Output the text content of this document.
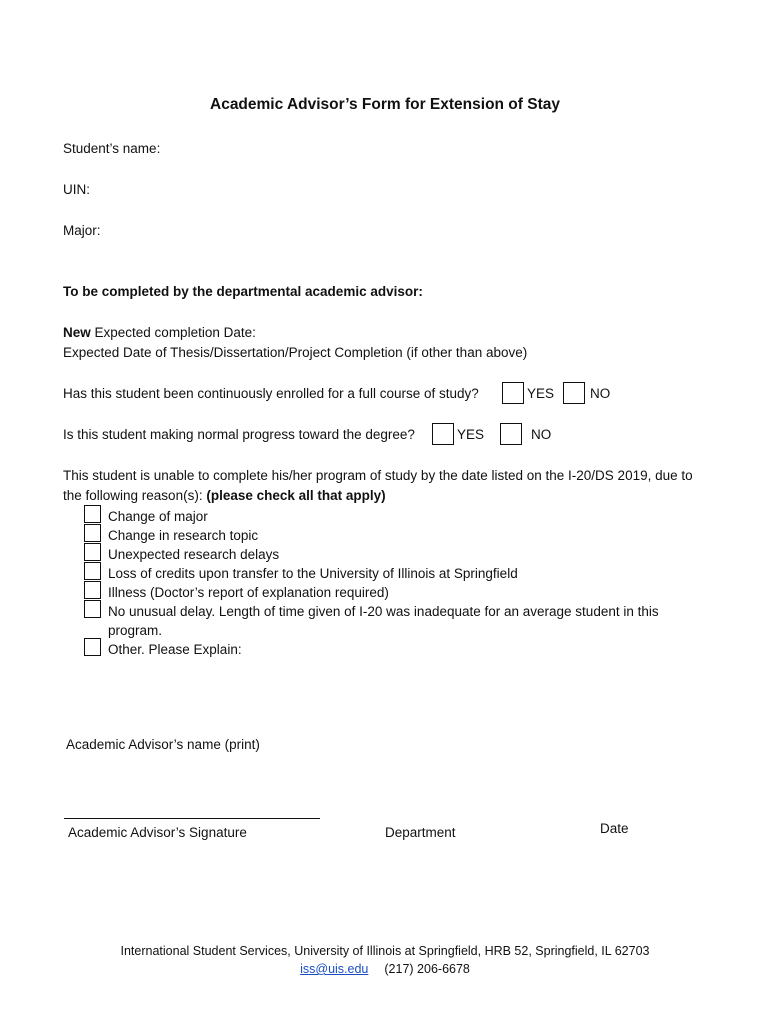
Academic Advisor’s Form for Extension of Stay
Student’s name:
UIN:
Major:
To be completed by the departmental academic advisor:
New Expected completion Date:
Expected Date of Thesis/Dissertation/Project Completion (if other than above)
Has this student been continuously enrolled for a full course of study?	YES	NO
Is this student making normal progress toward the degree?	YES	NO
This student is unable to complete his/her program of study by the date listed on the I-20/DS 2019, due to
the following reason(s): (please check all that apply)
Change of major
Change in research topic
Unexpected research delays
Loss of credits upon transfer to the University of Illinois at Springfield
Illness (Doctor’s report of explanation required)
No unusual delay. Length of time given of I-20 was inadequate for an average student in this
program.
Other. Please Explain:
Academic Advisor’s name (print)
Academic Advisor’s Signature	Department	Date
International Student Services, University of Illinois at Springfield, HRB 52, Springfield, IL 62703
iss@uis.edu (217) 206-6678
